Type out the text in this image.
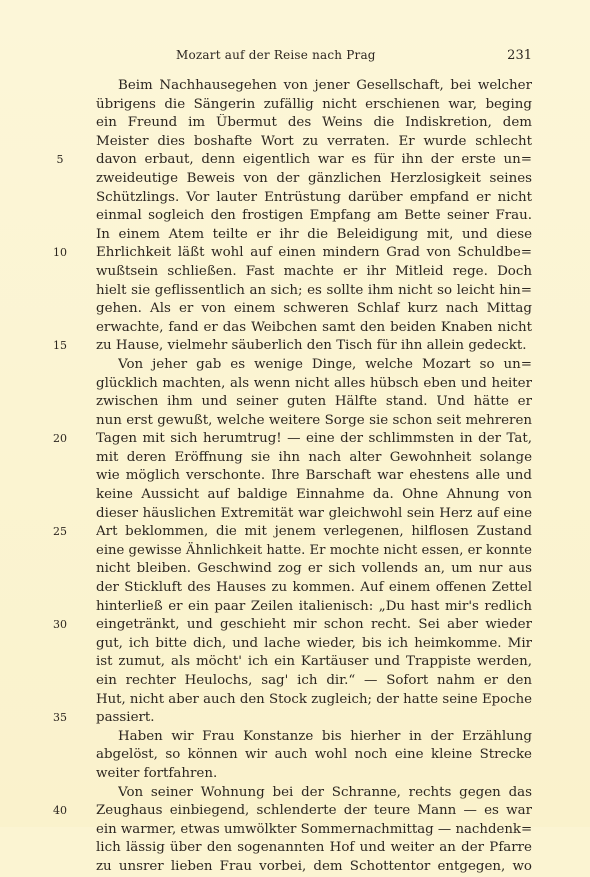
Mozart auf der Reise nach Prag	231
Beim Nachhausegehen von jener Gesellschaft, bei welcher
übrigens die Sängerin zufällig nicht erschienen war, beging
ein Freund im Übermut des Weins die Indiskretion, dem
Meister dies boshafte Wort zu verraten. Er wurde schlecht
5	davon erbaut, denn eigentlich war es für ihn der erste un=
zweideutige Beweis von der gänzlichen Herzlosigkeit seines
Schützlings. Vor lauter Entrüstung darüber empfand er nicht
einmal sogleich den frostigen Empfang am Bette seiner Frau.
In einem Atem teilte er ihr die Beleidigung mit, und diese
10	Ehrlichkeit läßt wohl auf einen mindern Grad von Schuldbe=
wußtsein schließen. Fast machte er ihr Mitleid rege. Doch
hielt sie geflissentlich an sich; es sollte ihm nicht so leicht hin=
gehen. Als er von einem schweren Schlaf kurz nach Mittag
erwachte, fand er das Weibchen samt den beiden Knaben nicht
15	zu Hause, vielmehr säuberlich den Tisch für ihn allein gedeckt.
Von jeher gab es wenige Dinge, welche Mozart so un=
glücklich machten, als wenn nicht alles hübsch eben und heiter
zwischen ihm und seiner guten Hälfte stand. Und hätte er
nun erst gewußt, welche weitere Sorge sie schon seit mehreren
20	Tagen mit sich herumtrug! — eine der schlimmsten in der Tat,
mit deren Eröffnung sie ihn nach alter Gewohnheit solange
wie möglich verschonte. Ihre Barschaft war ehestens alle und
keine Aussicht auf baldige Einnahme da. Ohne Ahnung von
dieser häuslichen Extremität war gleichwohl sein Herz auf eine
25	Art beklommen, die mit jenem verlegenen, hilflosen Zustand
eine gewisse Ähnlichkeit hatte. Er mochte nicht essen, er konnte
nicht bleiben. Geschwind zog er sich vollends an, um nur aus
der Stickluft des Hauses zu kommen. Auf einem offenen Zettel
hinterließ er ein paar Zeilen italienisch: „Du hast mir's redlich
30	eingetränkt, und geschieht mir schon recht. Sei aber wieder
gut, ich bitte dich, und lache wieder, bis ich heimkomme. Mir
ist zumut, als möcht' ich ein Kartäuser und Trappiste werden,
ein rechter Heulochs, sag' ich dir.“ — Sofort nahm er den
Hut, nicht aber auch den Stock zugleich; der hatte seine Epoche
35	passiert.
Haben wir Frau Konstanze bis hierher in der Erzählung
abgelöst, so können wir auch wohl noch eine kleine Strecke
weiter fortfahren.
Von seiner Wohnung bei der Schranne, rechts gegen das
40	Zeughaus einbiegend, schlenderte der teure Mann — es war
ein warmer, etwas umwölkter Sommernachmittag — nachdenk=
lich lässig über den sogenannten Hof und weiter an der Pfarre
zu unsrer lieben Frau vorbei, dem Schottentor entgegen, wo
